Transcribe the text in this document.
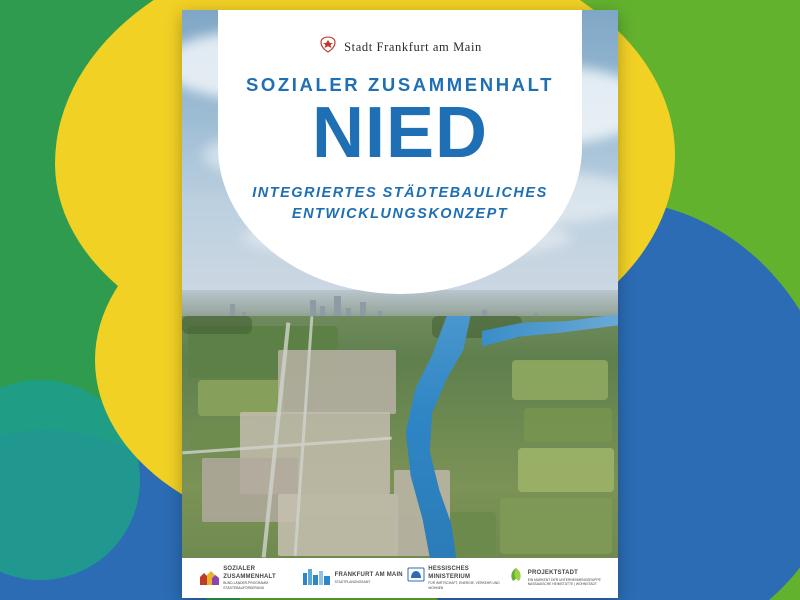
Stadt Frankfurt am Main
SOZIALER ZUSAMMENHALT
NIED
INTEGRIERTES STÄDTEBAULICHES
ENTWICKLUNGSKONZEPT
SOZIALER ZUSAMMENHALT
BUND-LÄNDER-PROGRAMM STÄDTEBAUFÖRDERUNG
FRANKFURT AM MAIN
STADTPLANUNGSAMT
HESSISCHES MINISTERIUM
FÜR WIRTSCHAFT, ENERGIE, VERKEHR UND WOHNEN
PROJEKTSTADT
EIN MARKENT DER UNTERNEHMENSGRUPPE NASSAUISCHE HEIMSTÄTTE | WOHNSTADT
